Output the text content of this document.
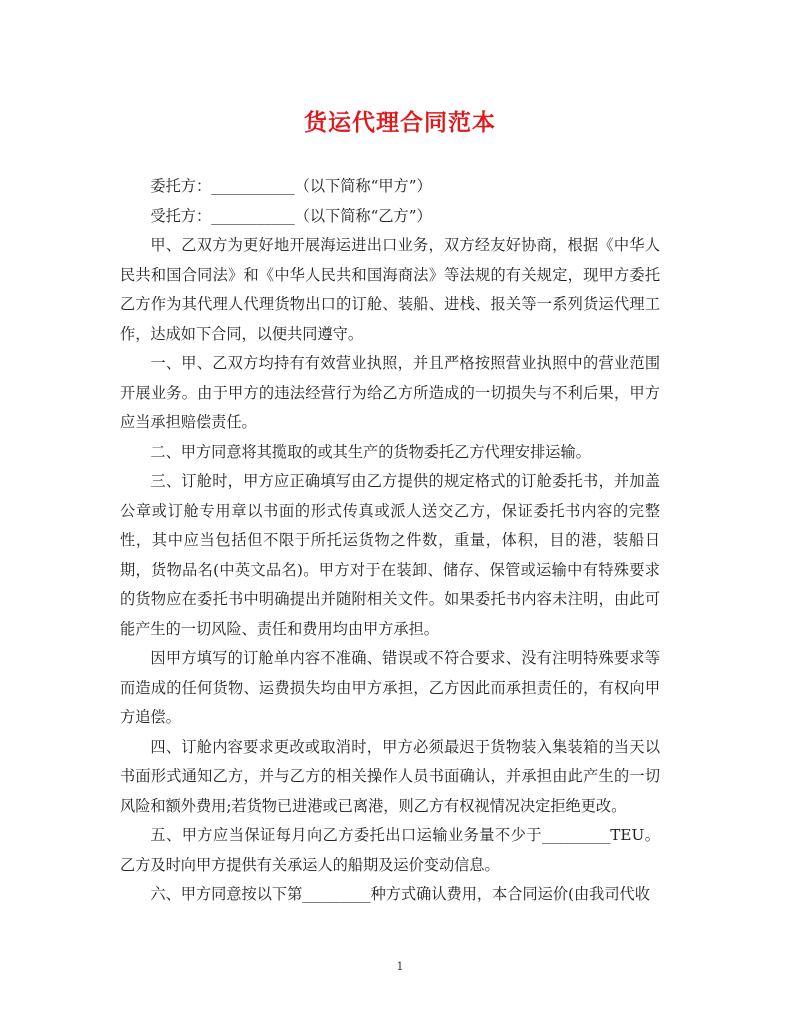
货运代理合同范本

委托方：___________（以下简称“甲方”）

受托方：___________（以下简称“乙方”）

甲、乙双方为更好地开展海运进出口业务，双方经友好协商，根据《中华人民共和国合同法》和《中华人民共和国海商法》等法规的有关规定，现甲方委托乙方作为其代理人代理货物出口的订舱、装船、进栈、报关等一系列货运代理工作，达成如下合同，以便共同遵守。

一、甲、乙双方均持有有效营业执照，并且严格按照营业执照中的营业范围开展业务。由于甲方的违法经营行为给乙方所造成的一切损失与不利后果，甲方应当承担赔偿责任。

二、甲方同意将其揽取的或其生产的货物委托乙方代理安排运输。

三、订舱时，甲方应正确填写由乙方提供的规定格式的订舱委托书，并加盖公章或订舱专用章以书面的形式传真或派人送交乙方，保证委托书内容的完整性，其中应当包括但不限于所托运货物之件数，重量，体积，目的港，装船日期，货物品名(中英文品名)。甲方对于在装卸、储存、保管或运输中有特殊要求的货物应在委托书中明确提出并随附相关文件。如果委托书内容未注明，由此可能产生的一切风险、责任和费用均由甲方承担。

因甲方填写的订舱单内容不准确、错误或不符合要求、没有注明特殊要求等而造成的任何货物、运费损失均由甲方承担，乙方因此而承担责任的，有权向甲方追偿。

四、订舱内容要求更改或取消时，甲方必须最迟于货物装入集装箱的当天以书面形式通知乙方，并与乙方的相关操作人员书面确认，并承担由此产生的一切风险和额外费用;若货物已进港或已离港，则乙方有权视情况决定拒绝更改。

五、甲方应当保证每月向乙方委托出口运输业务量不少于_________TEU。乙方及时向甲方提供有关承运人的船期及运价变动信息。

六、甲方同意按以下第_________种方式确认费用，本合同运价(由我司代收

1
